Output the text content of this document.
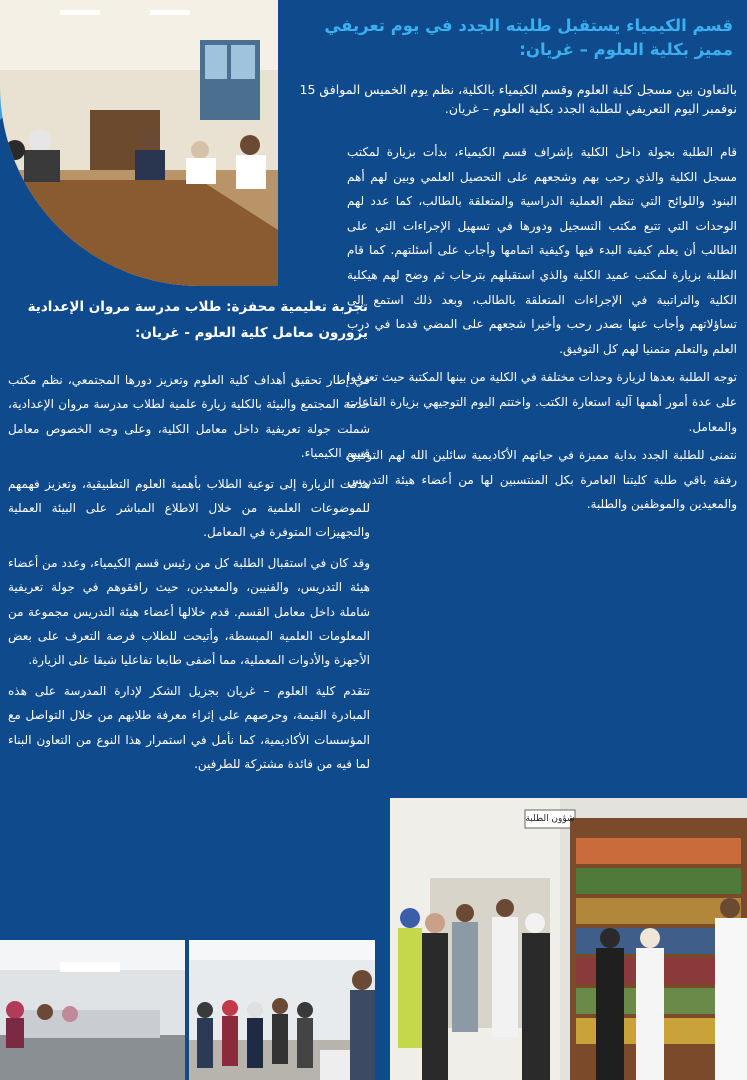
قسم الكيمياء يستقبل طلبته الجدد في يوم تعريفي مميز بكلية العلوم – غريان:
بالتعاون بين مسجل كلية العلوم وقسم الكيمياء بالكلية، نظم يوم الخميس الموافق 15 نوفمبر اليوم التعريفي للطلبة الجدد بكلية العلوم – غريان.

قام الطلبة بجولة داخل الكلية بإشراف قسم الكيمياء، بدأت بزيارة لمكتب مسجل الكلية والذي رحب بهم وشجعهم على التحصيل العلمي وبين لهم أهم البنود واللوائح التي تنظم العملية الدراسية والمتعلقة بالطالب، كما عدد لهم الوحدات التي تتبع مكتب التسجيل ودورها في تسهيل الإجراءات التي على الطالب أن يعلم كيفية البدء فيها وكيفية اتمامها وأجاب على أسئلتهم. كما قام الطلبة بزيارة لمكتب عميد الكلية والذي استقبلهم بترحاب ثم وضح لهم هيكلية الكلية والتراتبية في الإجراءات المتعلقة بالطالب، وبعد ذلك استمع إلى تساؤلاتهم وأجاب عنها بصدر رحب وأخيرا شجعهم على المضي قدما في درب العلم والتعلم متمنيا لهم كل التوفيق.

توجه الطلبة بعدها لزيارة وحدات مختلفة في الكلية من بينها المكتبة حيث تعرفوا على عدة أمور أهمها آلية استعارة الكتب. واختتم اليوم التوجيهي بزيارة القاعات والمعامل.

نتمنى للطلبة الجدد بداية مميزة في حياتهم الأكاديمية سائلين الله لهم التوفيق رفقة باقي طلبة كليتنا العامرة بكل المنتسبين لها من أعضاء هيئة التدريس والمعيدين والموظفين والطلبة.

تجربة تعليمية محفزة: طلاب مدرسة مروان الإعدادية يزورون معامل كلية العلوم - غريان:

في إطار تحقيق أهداف كلية العلوم وتعزيز دورها المجتمعي، نظم مكتب خدمة المجتمع والبيئة بالكلية زيارة علمية لطلاب مدرسة مروان الإعدادية، شملت جولة تعريفية داخل معامل الكلية، وعلى وجه الخصوص معامل قسم الكيمياء.

هدفت الزيارة إلى توعية الطلاب بأهمية العلوم التطبيقية، وتعزيز فهمهم للموضوعات العلمية من خلال الاطلاع المباشر على البيئة العملية والتجهيزات المتوفرة في المعامل.

وقد كان في استقبال الطلبة كل من رئيس قسم الكيمياء، وعدد من أعضاء هيئة التدريس، والفنيين، والمعيدين، حيث رافقوهم في جولة تعريفية شاملة داخل معامل القسم. قدم خلالها أعضاء هيئة التدريس مجموعة من المعلومات العلمية المبسطة، وأتيحت للطلاب فرصة التعرف على بعض الأجهزة والأدوات المعملية، مما أضفى طابعا تفاعليا شيقا على الزيارة.

تتقدم كلية العلوم – غريان بجزيل الشكر لإدارة المدرسة على هذه المبادرة القيمة، وحرصهم على إثراء معرفة طلابهم من خلال التواصل مع المؤسسات الأكاديمية، كما نأمل في استمرار هذا النوع من التعاون البناء لما فيه من فائدة مشتركة للطرفين.

شؤون الطلبة
